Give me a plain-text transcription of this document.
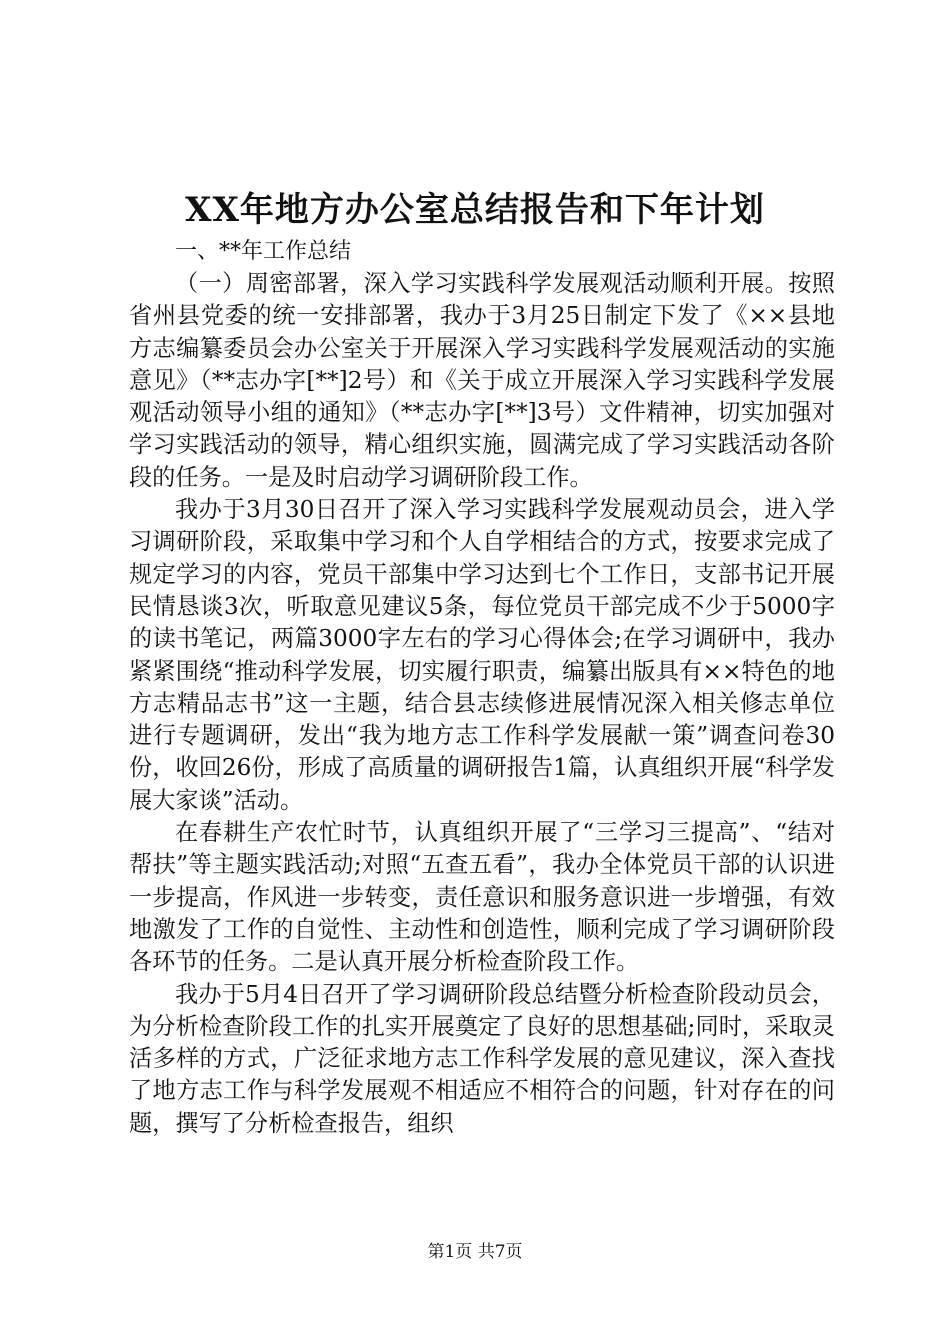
XX年地方办公室总结报告和下年计划
一、**年工作总结

（一）周密部署，深入学习实践科学发展观活动顺利开展。按照省州县党委的统一安排部署，我办于3月25日制定下发了《××县地方志编纂委员会办公室关于开展深入学习实践科学发展观活动的实施意见》（**志办字[**]2号）和《关于成立开展深入学习实践科学发展观活动领导小组的通知》（**志办字[**]3号）文件精神，切实加强对学习实践活动的领导，精心组织实施，圆满完成了学习实践活动各阶段的任务。一是及时启动学习调研阶段工作。

我办于3月30日召开了深入学习实践科学发展观动员会，进入学习调研阶段，采取集中学习和个人自学相结合的方式，按要求完成了规定学习的内容，党员干部集中学习达到七个工作日，支部书记开展民情恳谈3次，听取意见建议5条，每位党员干部完成不少于5000字的读书笔记，两篇3000字左右的学习心得体会;在学习调研中，我办紧紧围绕“推动科学发展，切实履行职责，编纂出版具有××特色的地方志精品志书”这一主题，结合县志续修进展情况深入相关修志单位进行专题调研，发出“我为地方志工作科学发展献一策”调查问卷30份，收回26份，形成了高质量的调研报告1篇，认真组织开展“科学发展大家谈”活动。

在春耕生产农忙时节，认真组织开展了“三学习三提高”、“结对帮扶”等主题实践活动;对照“五查五看”，我办全体党员干部的认识进一步提高，作风进一步转变，责任意识和服务意识进一步增强，有效地激发了工作的自觉性、主动性和创造性，顺利完成了学习调研阶段各环节的任务。二是认真开展分析检查阶段工作。

我办于5月4日召开了学习调研阶段总结暨分析检查阶段动员会，为分析检查阶段工作的扎实开展奠定了良好的思想基础;同时，采取灵活多样的方式，广泛征求地方志工作科学发展的意见建议，深入查找了地方志工作与科学发展观不相适应不相符合的问题，针对存在的问题，撰写了分析检查报告，组织

第1页 共7页
